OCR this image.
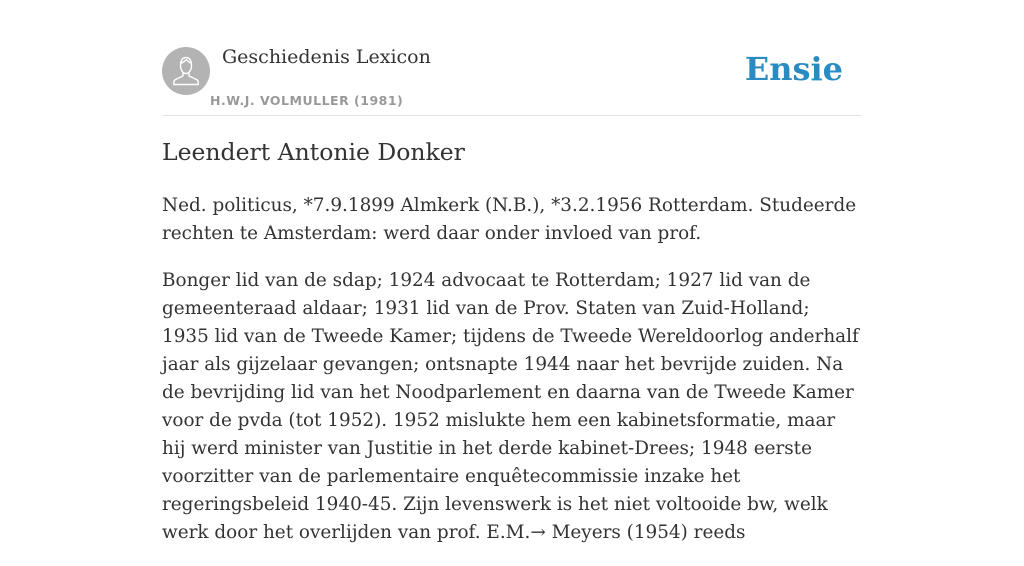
Geschiedenis Lexicon
H.W.J. VOLMULLER (1981)
Ensie
Leendert Antonie Donker

Ned. politicus, *7.9.1899 Almkerk (N.B.), *3.2.1956 Rotterdam. Studeerde rechten te Amsterdam: werd daar onder invloed van prof.

Bonger lid van de sdap; 1924 advocaat te Rotterdam; 1927 lid van de gemeenteraad aldaar; 1931 lid van de Prov. Staten van Zuid-Holland; 1935 lid van de Tweede Kamer; tijdens de Tweede Wereldoorlog anderhalf jaar als gijzelaar gevangen; ontsnapte 1944 naar het bevrijde zuiden. Na de bevrijding lid van het Noodparlement en daarna van de Tweede Kamer voor de pvda (tot 1952). 1952 mislukte hem een kabinetsformatie, maar hij werd minister van Justitie in het derde kabinet-Drees; 1948 eerste voorzitter van de parlementaire enquêtecommissie inzake het regeringsbeleid 1940-45. Zijn levenswerk is het niet voltooide bw, welk werk door het overlijden van prof. E.M.→ Meyers (1954) reeds
